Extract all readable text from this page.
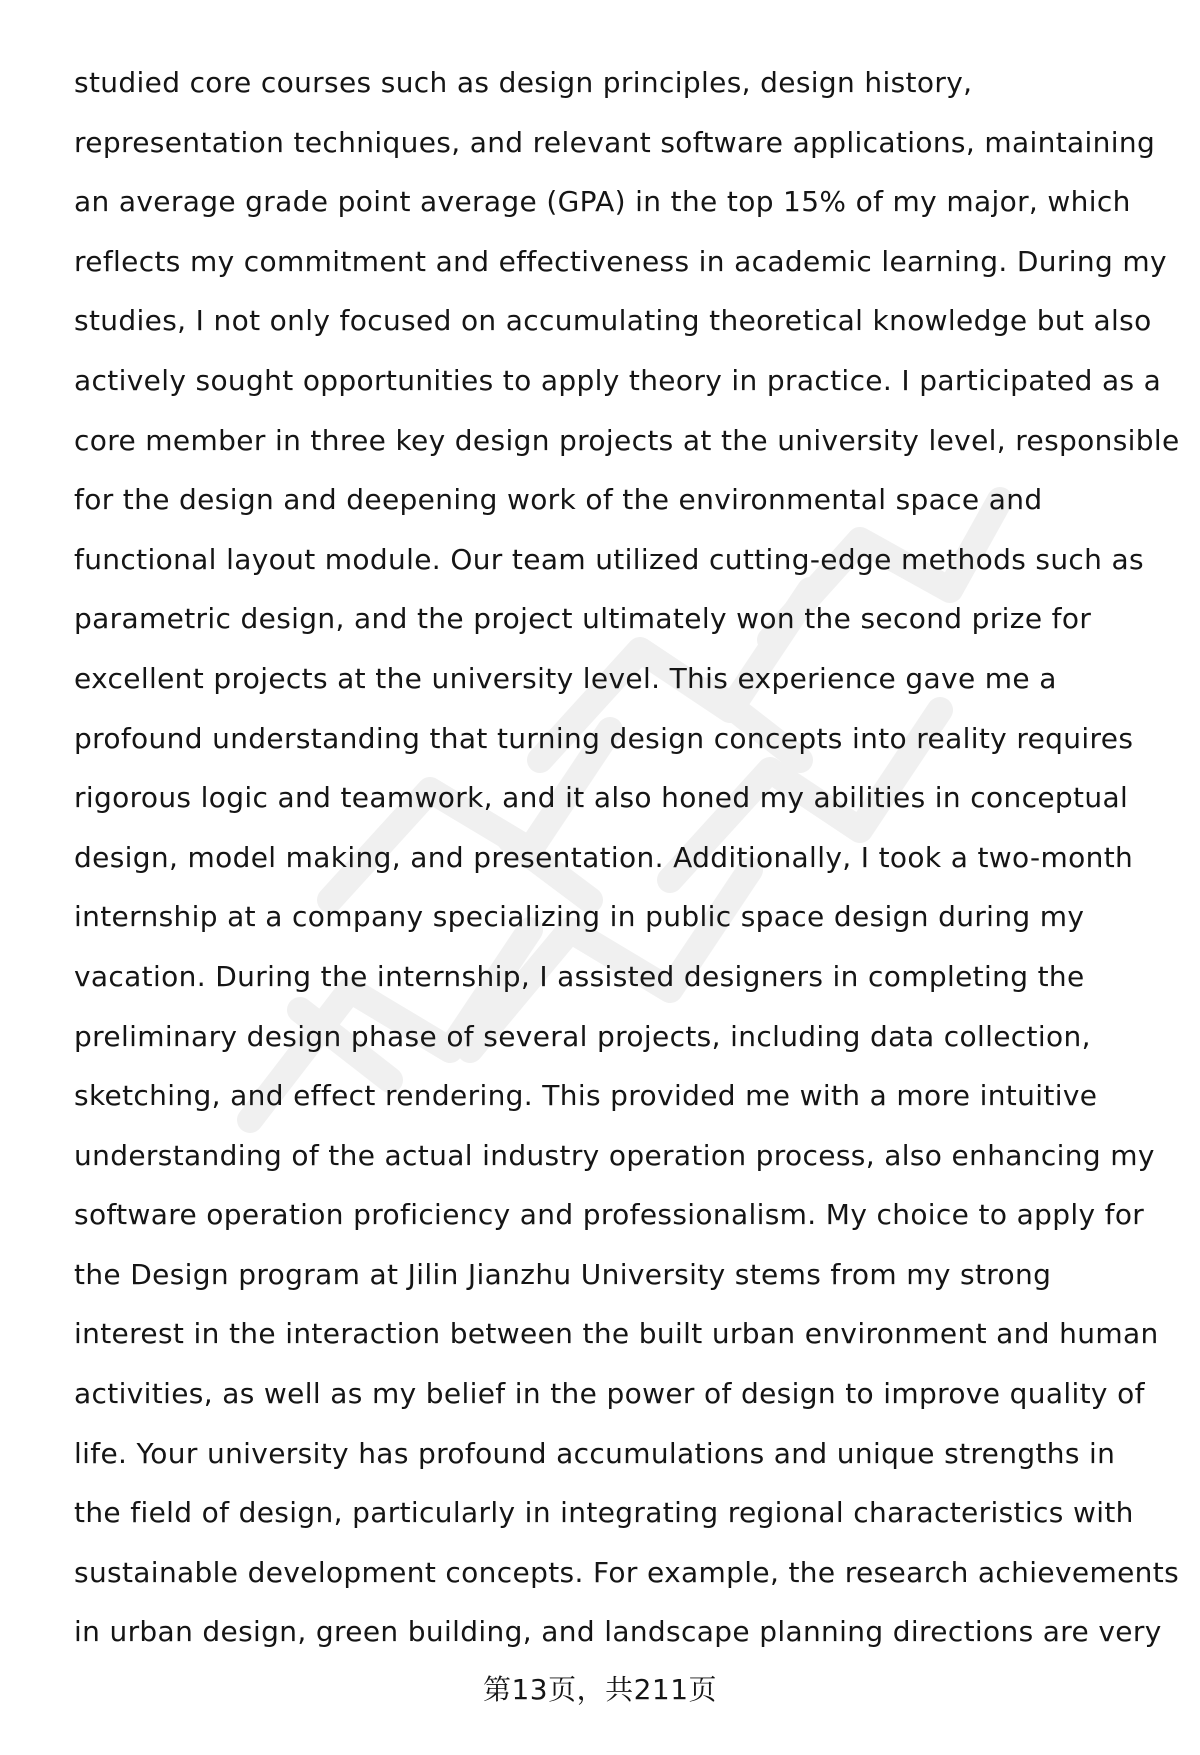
studied core courses such as design principles, design history,
representation techniques, and relevant software applications, maintaining
an average grade point average (GPA) in the top 15% of my major, which
reflects my commitment and effectiveness in academic learning. During my
studies, I not only focused on accumulating theoretical knowledge but also
actively sought opportunities to apply theory in practice. I participated as a
core member in three key design projects at the university level, responsible
for the design and deepening work of the environmental space and
functional layout module. Our team utilized cutting-edge methods such as
parametric design, and the project ultimately won the second prize for
excellent projects at the university level. This experience gave me a
profound understanding that turning design concepts into reality requires
rigorous logic and teamwork, and it also honed my abilities in conceptual
design, model making, and presentation. Additionally, I took a two-month
internship at a company specializing in public space design during my
vacation. During the internship, I assisted designers in completing the
preliminary design phase of several projects, including data collection,
sketching, and effect rendering. This provided me with a more intuitive
understanding of the actual industry operation process, also enhancing my
software operation proficiency and professionalism. My choice to apply for
the Design program at Jilin Jianzhu University stems from my strong
interest in the interaction between the built urban environment and human
activities, as well as my belief in the power of design to improve quality of
life. Your university has profound accumulations and unique strengths in
the field of design, particularly in integrating regional characteristics with
sustainable development concepts. For example, the research achievements
in urban design, green building, and landscape planning directions are very
第13页，共211页
